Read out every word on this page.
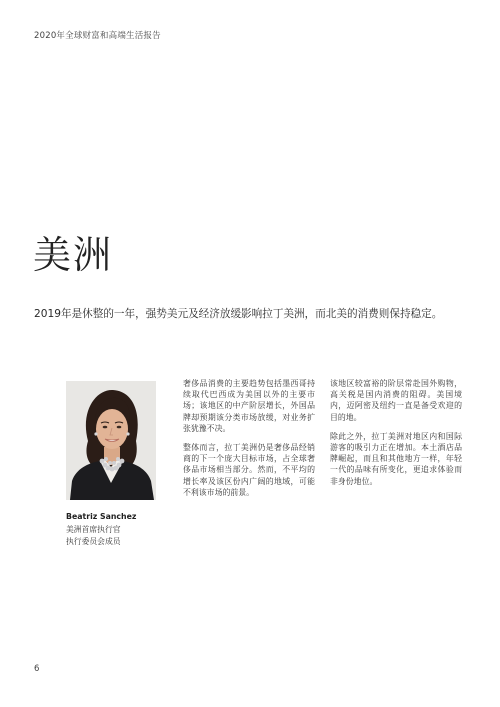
2020年全球财富和高端生活报告
美洲
2019年是休整的一年，强势美元及经济放缓影响拉丁美洲，而北美的消费则保持稳定。
Beatriz Sanchez
美洲首席执行官
执行委员会成员

奢侈品消费的主要趋势包括墨西哥持续取代巴西成为美国以外的主要市场；该地区的中产阶层增长，外国品牌却预期该分类市场放缓，对业务扩张犹豫不决。

整体而言，拉丁美洲仍是奢侈品经销商的下一个庞大目标市场，占全球奢侈品市场相当部分。然而，不平均的增长率及该区份内广阔的地域，可能不利该市场的前景。

该地区较富裕的阶层常赴国外购物，高关税是国内消费的阻碍。美国境内，迈阿密及纽约一直是备受欢迎的目的地。

除此之外，拉丁美洲对地区内和国际游客的吸引力正在增加。本土酒店品牌崛起，而且和其他地方一样，年轻一代的品味有所变化，更追求体验而非身份地位。

6
